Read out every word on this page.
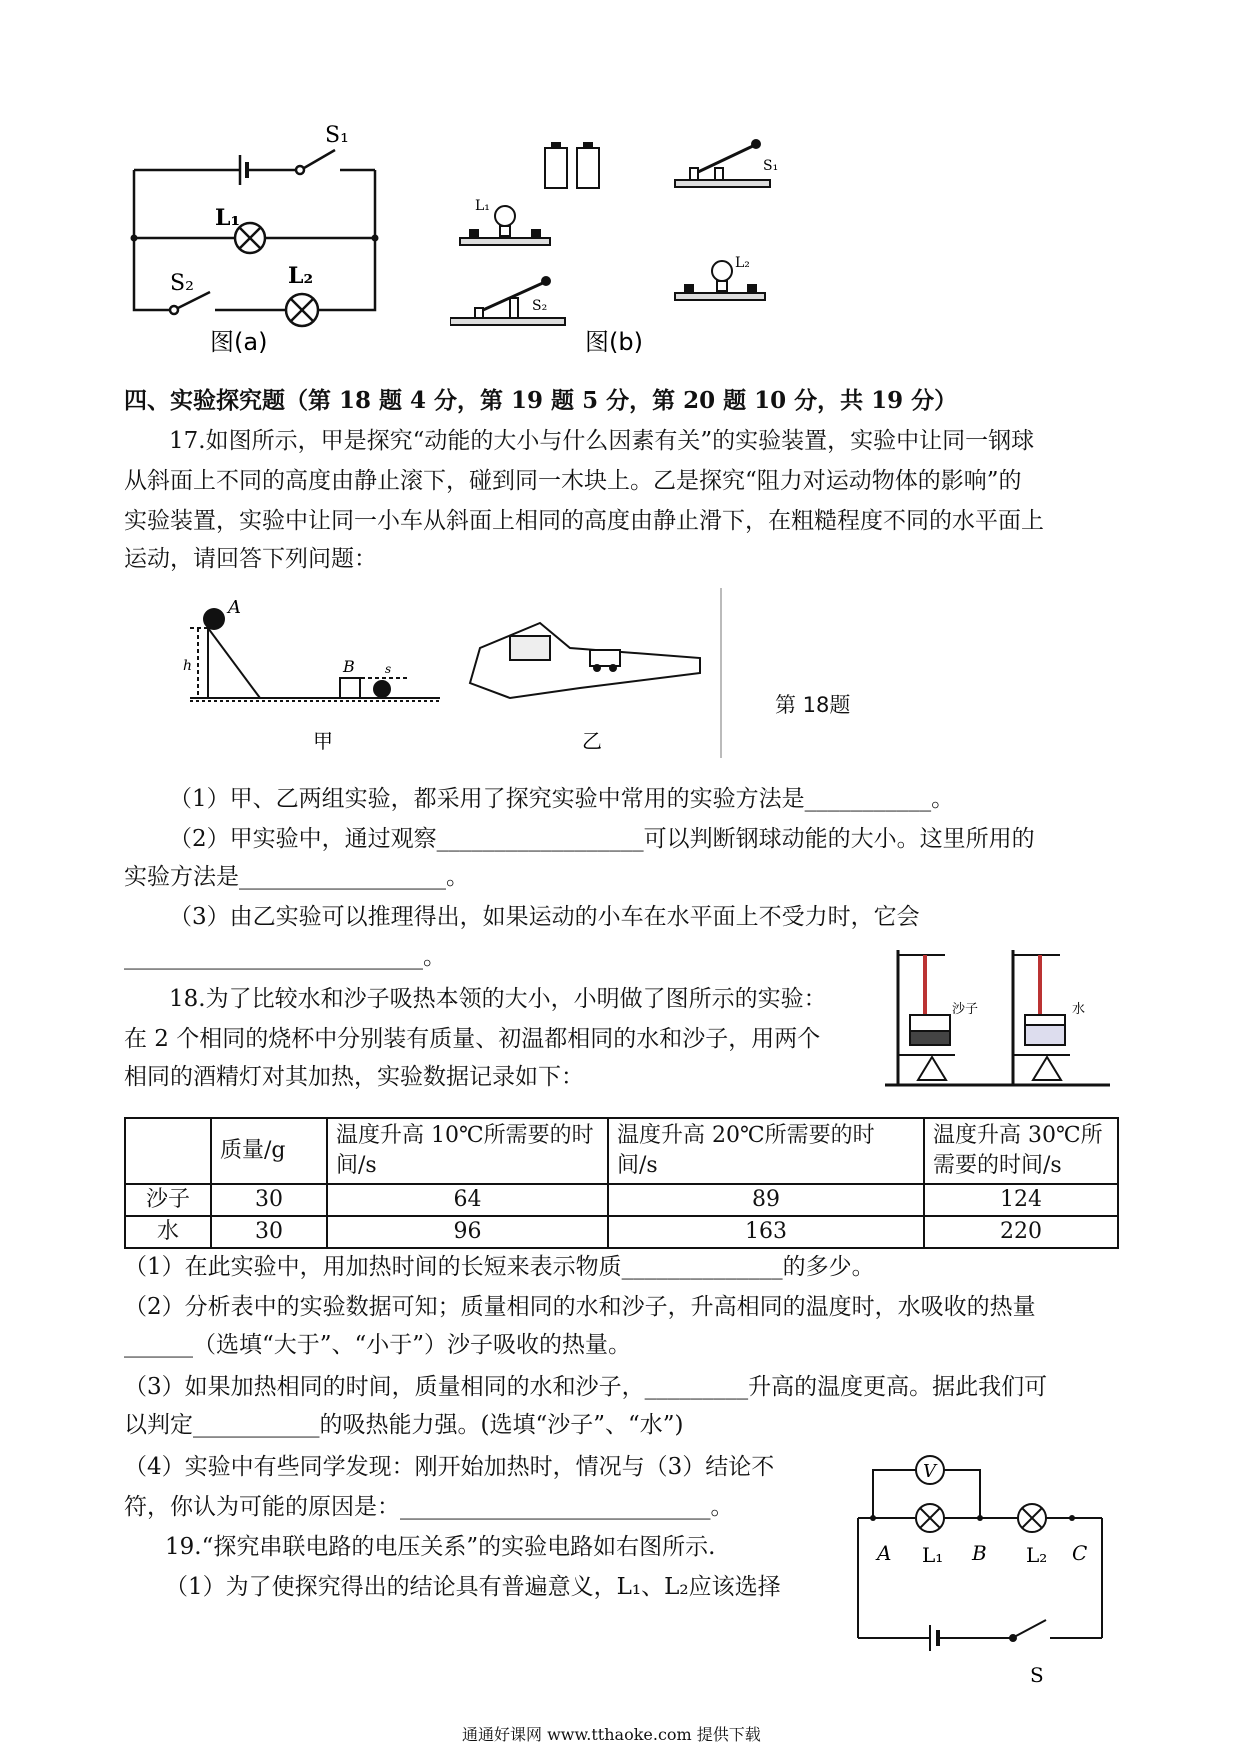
S₁
L₁
S₂	L₂
图(a)
S₁
L₁
S₂
L₂
图(b)
四、实验探究题（第 18 题 4 分，第 19 题 5 分，第 20 题 10 分，共 19 分）
17.如图所示，甲是探究“动能的大小与什么因素有关”的实验装置，实验中让同一钢球
从斜面上不同的高度由静止滚下，碰到同一木块上。乙是探究“阻力对运动物体的影响”的
实验装置，实验中让同一小车从斜面上相同的高度由静止滑下，在粗糙程度不同的水平面上
运动，请回答下列问题：
A
B
h	s
甲	乙
第 18题
（1）甲、乙两组实验，都采用了探究实验中常用的实验方法是___________。
（2）甲实验中，通过观察__________________可以判断钢球动能的大小。这里所用的
实验方法是__________________。
（3）由乙实验可以推理得出，如果运动的小车在水平面上不受力时，它会
__________________________。
18.为了比较水和沙子吸热本领的大小，小明做了图所示的实验：
在 2 个相同的烧杯中分别装有质量、初温都相同的水和沙子，用两个
相同的酒精灯对其加热，实验数据记录如下：
沙子	水
	质量/g	温度升高 10℃所需要的时间/s	温度升高 20℃所需要的时间/s	温度升高 30℃所需要的时间/s
沙子	30	64	89	124
水	30	96	163	220
（1）在此实验中，用加热时间的长短来表示物质______________的多少。
（2）分析表中的实验数据可知；质量相同的水和沙子，升高相同的温度时，水吸收的热量
______（选填“大于”、“小于”）沙子吸收的热量。
（3）如果加热相同的时间，质量相同的水和沙子，_________升高的温度更高。据此我们可
以判定___________的吸热能力强。(选填“沙子”、“水”)
（4）实验中有些同学发现：刚开始加热时，情况与（3）结论不
符，你认为可能的原因是：___________________________。
19.“探究串联电路的电压关系”的实验电路如右图所示.
（1）为了使探究得出的结论具有普遍意义，L₁、L₂应该选择
V
A L₁ B L₂ C
S
通通好课网 www.tthaoke.com 提供下载
